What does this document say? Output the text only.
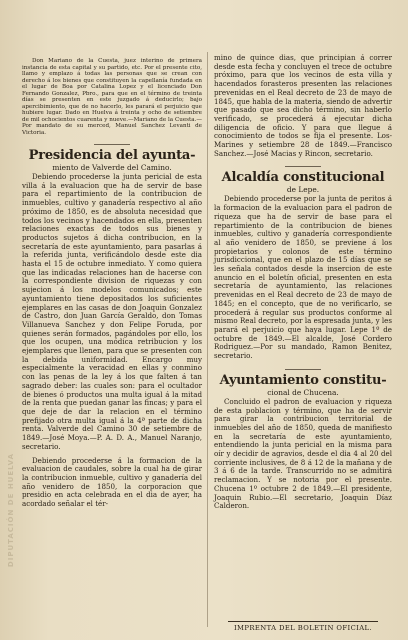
DIPUTACIÓN DE HUELVA

Don Mariano de la Cuesta, juez interino de primera instancia de esta capital y su partido, etc. Por el presente cito, llamo y emplazo á todas las personas que se crean con derecho á los bienes que constituyen la capellanía fundada en el lugar de Boa por Catalina Lopez y el licenciado Don Fernando Gonzalez, Pbro., para que en el término de treinta días se presenten en este juzgado á deducirlo; bajo apercibimiento, que de no hacerlo, les parará el perjuicio que hubiere lugar. Dado en Huelva á treinta y ocho de setiembre de mil ochocientos cuarenta y nueve.—Mariano de la Cuesta.—Por mandato de su merced, Manuel Sanchez Levanti de Victoria.

Presidencia del ayunta-
miento de Valverde del Camino.

Debiendo procederse la junta pericial de esta villa á la evaluacion que ha de servir de base para el repartimiento de la contribucion de inmuebles, cultivo y ganadería respectivo al año próximo de 1850, es de absoluta necesidad que todos los vecinos y hacendados en ella, presenten relaciones exactas de todos sus bienes y productos sujetos á dicha contribucion, en la secretaría de este ayuntamiento, para pasarlas á la referida junta, verificándolo desde este dia hasta el 15 de octubre inmediato. Y como quiera que las indicadas relaciones han de hacerse con la correspondiente division de riquezas y con sujecion á los modelos comunicados; este ayuntamiento tiene depositados los suficientes ejemplares en las casas de don Joaquin Gonzalez de Castro, don Juan García Geraldo, don Tomas Villanueva Sanchez y don Felipe Foruda, por quienes serán formados, pagándoles por ello, los que los ocupen, una módica retribucion y los ejemplares que llenen, para que se presenten con la debida uniformidad. Encargo muy especialmente la veracidad en ellas y conmino con las penas de la ley á los que falten á tan sagrado deber: las cuales son: para el ocultador de bienes ó productos una multa igual á la mitad de la renta que puedan ganar las fincas; y para el que deje de dar la relacion en el término prefijado otra multa igual á la 4ª parte de dicha renta. Valverde del Camino 30 de setiembre de 1849.—José Moya.—P. A. D. A., Manuel Naranjo, secretario.

Debiendo procederse á la formacion de la evaluacion de caudales, sobre la cual ha de girar la contribucion inmueble, cultivo y ganadería del año venidero de 1850, la corporacion que presidio en acta celebrada en el dia de ayer, ha acordado señalar el tér-

mino de quince dias, que principian á correr desde esta fecha y concluyen el trece de octubre próximo, para que los vecinos de esta villa y hacendados forasteros presenten las relaciones prevenidas en el Real decreto de 23 de mayo de 1845, que habla de la materia, siendo de advertir que pasado que sea dicho término, sin haberlo verificado, se procederá á ejecutar dicha diligencia de oficio. Y para que llegue á conocimiento de todos se fija el presente. Los-Marines y setiembre 28 de 1849.—Francisco Sanchez.—José Macias y Rincon, secretario.

Alcaldía constitucional
de Lepe.

Debiendo procederse por la junta de peritos á la formacion de la evaluacion para el padron de riqueza que ha de servir de base para el repartimiento de la contribucion de bienes inmuebles, cultivo y ganadería correspondiente al año venidero de 1850, se previene á los propietarios y colonos de este término jurisdiccional, que en el plazo de 15 días que se les señala contados desde la insercion de este anuncio en el boletín oficial, presenten en esta secretaría de ayuntamiento, las relaciones prevenidas en el Real decreto de 23 de mayo de 1845; en el concepto, que de no verificarlo, se procederá á regular sus productos conforme al mismo Real decreto, por la espresada junta, y les parará el perjuicio que haya lugar. Lepe 1º de octubre de 1849.—El alcalde, José Cordero Rodriguez.—Por su mandado, Ramon Benitez, secretario.

Ayuntamiento constitu-
cional de Chucena.

Concluido el padron de evaluacion y riqueza de esta poblacion y término, que ha de servir para girar la contribucion territorial de inmuebles del año de 1850, queda de manifiesto en la secretaría de este ayuntamiento, entendiendo la junta pericial en la misma para oír y decidir de agravios, desde el dia 4 al 20 del corriente inclusives, de 8 á 12 de la mañana y de 3 á 6 de la tarde. Transcurrido no se admitirá reclamacion. Y se notoria por el presente. Chucena 1º octubre 2 de 1849.—El presidente, Joaquin Rubio.—El secretario, Joaquin Díaz Calderon.

IMPRENTA DEL BOLETIN OFICIAL.
